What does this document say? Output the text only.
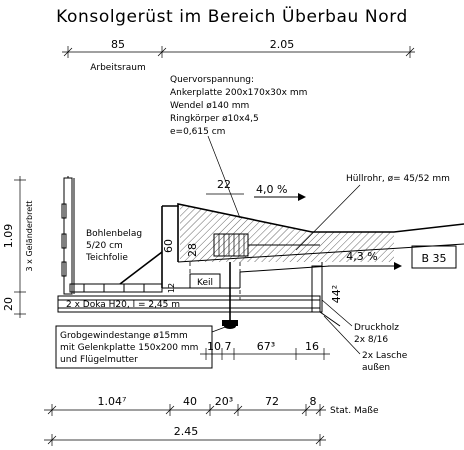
Konsolgerüst im Bereich Überbau Nord
85
Arbeitsraum
2.05
Quervorspannung:
Ankerplatte 200x170x30x mm
Wendel ø140 mm
Ringkörper ø10x4,5
e=0,615 cm
22 4,0 %
Hüllrohr, ø= 45/52 mm
60 28
12 Keil
4,3 %	B 35
1.09 3 x Geländerbrett
20
Bohlenbelag
5/20 cm
Teichfolie
2 x Doka H20, l = 2,45 m
44²
Grobgewindestange ø15mm
mit Gelenkplatte 150x200 mm
und Flügelmutter
Druckholz
2x 8/16
2x Lasche
außen
10 7 67³	16
1.04⁷	40 20³	72	8
Stat. Maße
2.45
